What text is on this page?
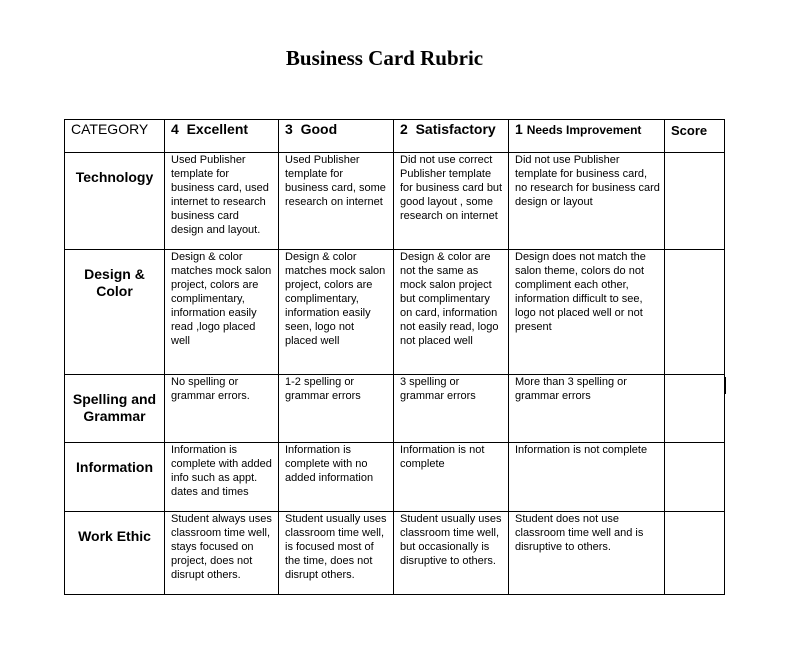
Business Card Rubric
CATEGORY	4 Excellent	3 Good	2 Satisfactory	1 Needs Improvement	Score
Technology	Used Publisher template for business card, used internet to research business card design and layout.	Used Publisher template for business card, some research on internet	Did not use correct Publisher template for business card but good layout , some research on internet	Did not use Publisher template for business card, no research for business card design or layout	
Design & Color	Design & color matches mock salon project, colors are complimentary, information easily read ,logo placed well	Design & color matches mock salon project, colors are complimentary, information easily seen, logo not placed well	Design & color are not the same as mock salon project but complimentary on card, information not easily read, logo not placed well	Design does not match the salon theme, colors do not compliment each other, information difficult to see, logo not placed well or not present	
Spelling and Grammar	No spelling or grammar errors.	1-2 spelling or grammar errors	3 spelling or grammar errors	More than 3 spelling or grammar errors	
Information	Information is complete with added info such as appt. dates and times	Information is complete with no added information	Information is not complete	Information is not complete	
Work Ethic	Student always uses classroom time well, stays focused on project, does not disrupt others.	Student usually uses classroom time well, is focused most of the time, does not disrupt others.	Student usually uses classroom time well, but occasionally is disruptive to others.	Student does not use classroom time well and is disruptive to others.	
